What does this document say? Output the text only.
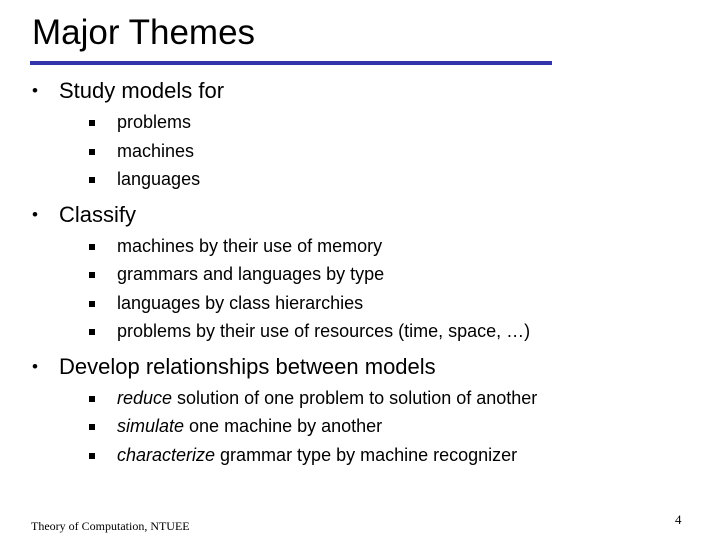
Major Themes
• Study models for
problems
machines
languages
• Classify
machines by their use of memory
grammars and languages by type
languages by class hierarchies
problems by their use of resources (time, space, …)
• Develop relationships between models
reduce solution of one problem to solution of another
simulate one machine by another
characterize grammar type by machine recognizer
Theory of Computation, NTUEE	4
